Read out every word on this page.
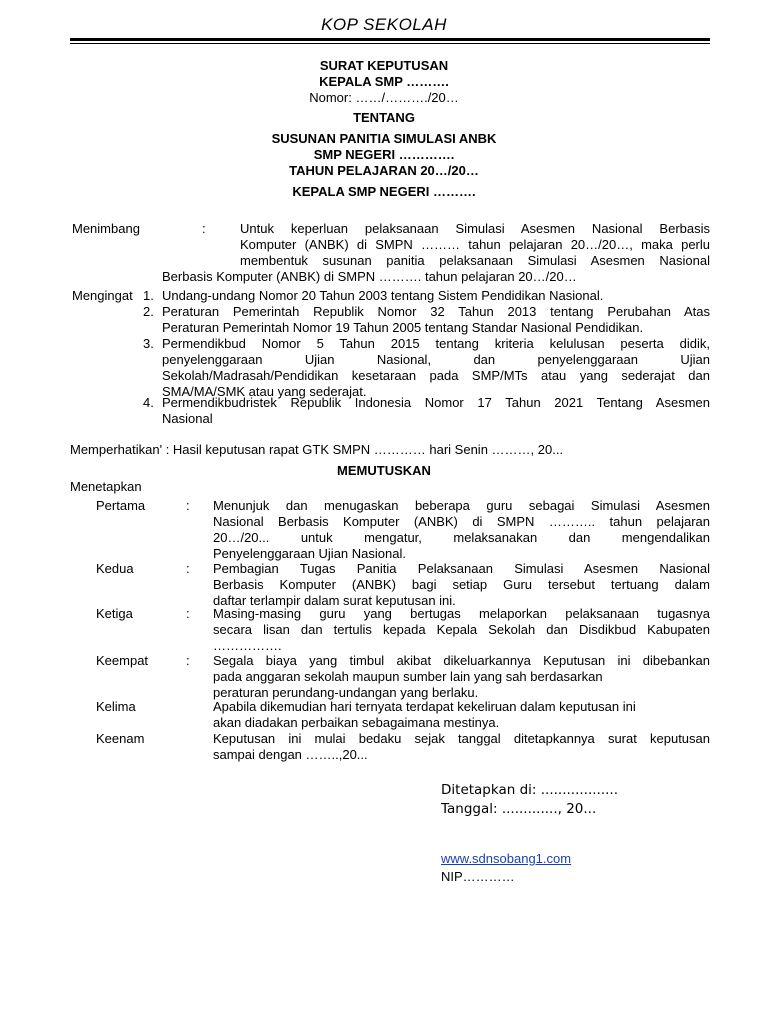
KOP SEKOLAH
SURAT KEPUTUSAN
KEPALA SMP ……….
Nomor: ……/………./20…
TENTANG
SUSUNAN PANITIA SIMULASI ANBK
SMP NEGERI ………….
TAHUN PELAJARAN 20…/20…
KEPALA SMP NEGERI ……….
Menimbang	:	Untuk keperluan pelaksanaan Simulasi Asesmen Nasional Berbasis
Komputer (ANBK) di SMPN ……… tahun pelajaran 20…/20…, maka perlu
membentuk susunan panitia pelaksanaan Simulasi Asesmen Nasional
Berbasis Komputer (ANBK) di SMPN ………. tahun pelajaran 20…/20…
Mengingat 1. Undang-undang Nomor 20 Tahun 2003 tentang Sistem Pendidikan Nasional.
2. Peraturan Pemerintah Republik Nomor 32 Tahun 2013 tentang Perubahan Atas
Peraturan Pemerintah Nomor 19 Tahun 2005 tentang Standar Nasional Pendidikan.
3. Permendikbud Nomor 5 Tahun 2015 tentang kriteria kelulusan peserta didik,
penyelenggaraan Ujian Nasional, dan penyelenggaraan Ujian
Sekolah/Madrasah/Pendidikan kesetaraan pada SMP/MTs atau yang sederajat dan
SMA/MA/SMK atau yang sederajat.
4. Permendikbudristek Republik Indonesia Nomor 17 Tahun 2021 Tentang Asesmen
Nasional
Memperhatikan' : Hasil keputusan rapat GTK SMPN ………… hari Senin ………, 20...
MEMUTUSKAN
Menetapkan
Pertama	: Menunjuk dan menugaskan beberapa guru sebagai Simulasi Asesmen
Nasional Berbasis Komputer (ANBK) di SMPN ……….. tahun pelajaran
20…/20... untuk mengatur, melaksanakan dan mengendalikan
Penyelenggaraan Ujian Nasional.
Kedua	: Pembagian Tugas Panitia Pelaksanaan Simulasi Asesmen Nasional
Berbasis Komputer (ANBK) bagi setiap Guru tersebut tertuang dalam
daftar terlampir dalam surat keputusan ini.
Ketiga	: Masing-masing guru yang bertugas melaporkan pelaksanaan tugasnya
secara lisan dan tertulis kepada Kepala Sekolah dan Disdikbud Kabupaten
…………….
Keempat	: Segala biaya yang timbul akibat dikeluarkannya Keputusan ini dibebankan
pada anggaran sekolah maupun sumber lain yang sah berdasarkan
peraturan perundang-undangan yang berlaku.
Kelima	Apabila dikemudian hari ternyata terdapat kekeliruan dalam keputusan ini
akan diadakan perbaikan sebagaimana mestinya.
Keenam	Keputusan ini mulai bedaku sejak tanggal ditetapkannya surat keputusan
sampai dengan ……..,20...
Ditetapkan di: ..................
Tanggal: ............., 20...
www.sdnsobang1.com
NIP…………
